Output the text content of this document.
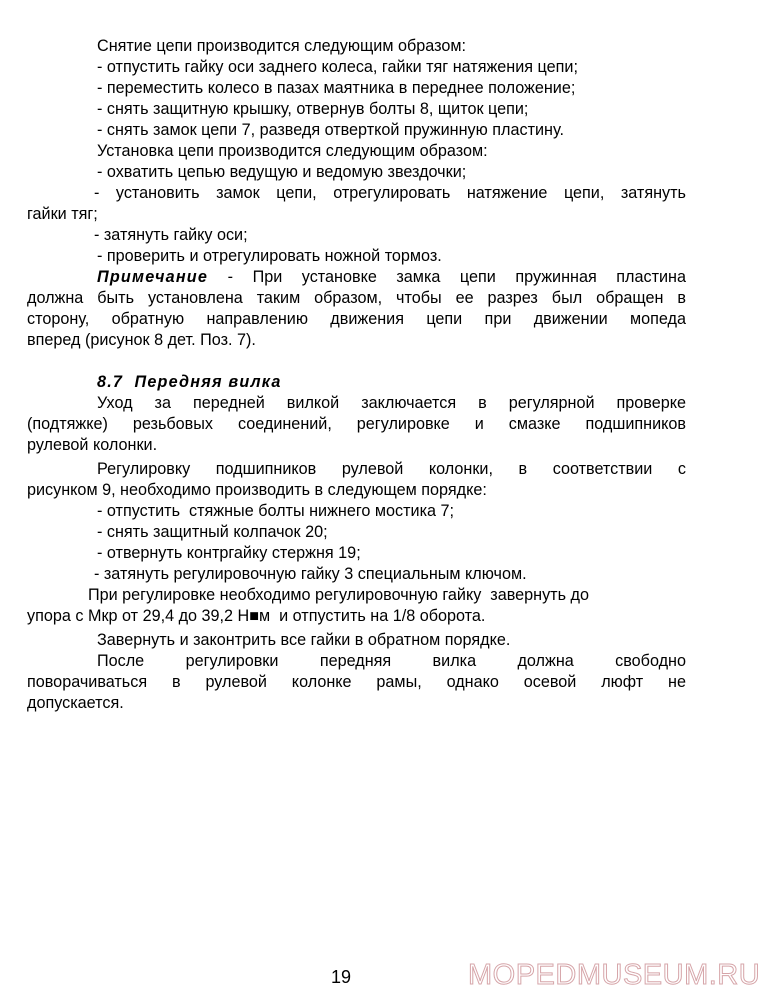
Снятие цепи производится следующим образом:
- отпустить гайку оси заднего колеса, гайки тяг натяжения цепи;
- переместить колесо в пазах маятника в переднее положение;
- снять защитную крышку, отвернув болты 8, щиток цепи;
- снять замок цепи 7, разведя отверткой пружинную пластину.
Установка цепи производится следующим образом:
- охватить цепью ведущую и ведомую звездочки;
- установить замок цепи, отрегулировать натяжение цепи, затянуть
гайки тяг;
- затянуть гайку оси;
- проверить и отрегулировать ножной тормоз.
Примечание - При установке замка цепи пружинная пластина
должна быть установлена таким образом, чтобы ее разрез был обращен в
сторону, обратную направлению движения цепи при движении мопеда
вперед (рисунок 8 дет. Поз. 7).
8.7  Передняя вилка
Уход за передней вилкой заключается в регулярной проверке
(подтяжке) резьбовых соединений, регулировке и смазке подшипников
рулевой колонки.
Регулировку подшипников рулевой колонки, в соответствии с
рисунком 9, необходимо производить в следующем порядке:
- отпустить  стяжные болты нижнего мостика 7;
- снять защитный колпачок 20;
- отвернуть контргайку стержня 19;
- затянуть регулировочную гайку 3 специальным ключом.
При регулировке необходимо регулировочную гайку  завернуть до
упора с Мкр от 29,4 до 39,2 Н■м  и отпустить на 1/8 оборота.
Завернуть и законтрить все гайки в обратном порядке.
После регулировки передняя вилка должна свободно
поворачиваться в рулевой колонке рамы, однако осевой люфт не
допускается.
19	MOPEDMUSEUM.RU
